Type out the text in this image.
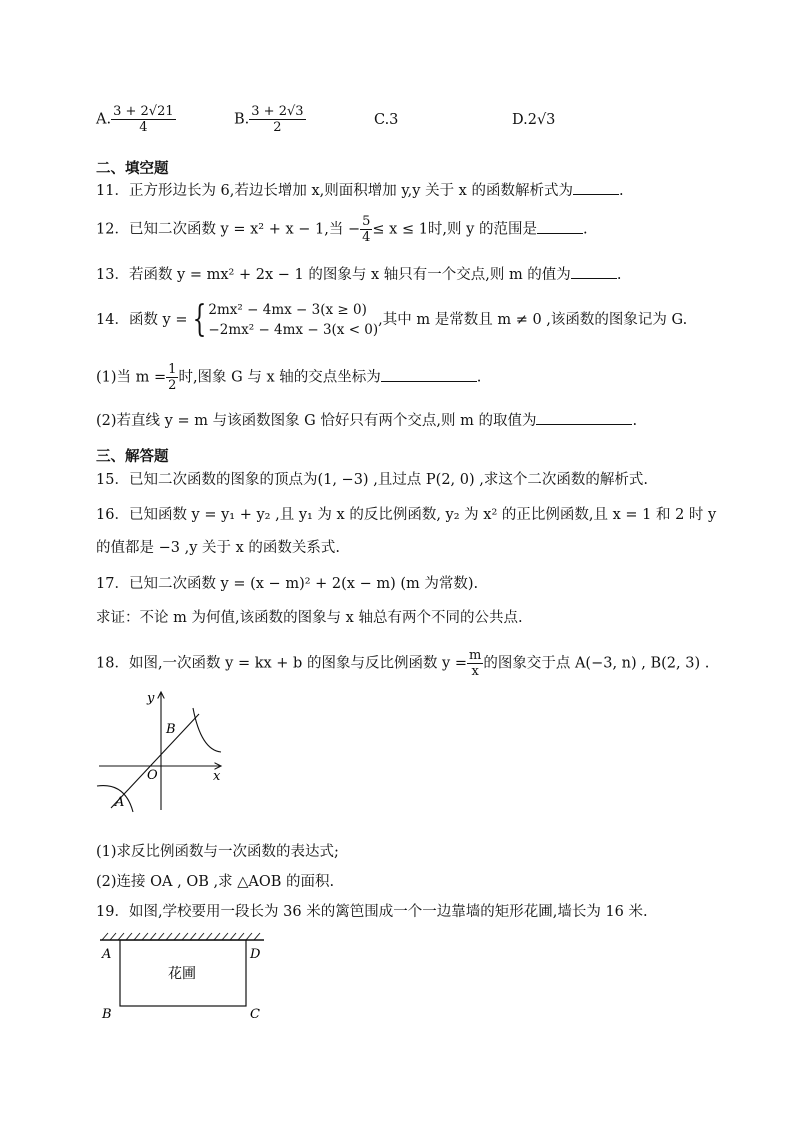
A. $\frac{3 + 2√21}{4}$	B. $\frac{3 + 2√3}{2}$	C.3	D.2√3
二、填空题
11．正方形边长为 6,若边长增加 x,则面积增加 y,y 关于 x 的函数解析式为	.
12．已知二次函数 y = x² + x − 1,当 − $\frac{5}{4} \le x \le 1$时,则 y 的范围是	.
13．若函数 y = mx² + 2x − 1 的图象与 x 轴只有一个交点,则 m 的值为	.
14．函数 y = { 2mx² − 4mx − 3(x ≥ 0)
−2mx² − 4mx − 3(x < 0)
,其中 m 是常数且 m ≠ 0 ,该函数的图象记为 G.
(1)当 $m = \frac{1}{2}$ 时,图象 G 与 x 轴的交点坐标为	.
(2)若直线 y = m 与该函数图象 G 恰好只有两个交点,则 m 的取值为	.
三、解答题
15．已知二次函数的图象的顶点为(1, −3) ,且过点 P(2, 0) ,求这个二次函数的解析式.
16．已知函数 y = y₁ + y₂ ,且 y₁ 为 x 的反比例函数, y₂ 为 x² 的正比例函数,且 x = 1 和 2 时 y
的值都是 −3 ,y 关于 x 的函数关系式.
17．已知二次函数 y = (x − m)² + 2(x − m) (m 为常数).
求证：不论 m 为何值,该函数的图象与 x 轴总有两个不同的公共点.
18．如图,一次函数 y = kx + b 的图象与反比例函数 $y = \frac{m}{x}$ 的图象交于点 A(−3, n) , B(2, 3) .
y
x
O
A
B
(1)求反比例函数与一次函数的表达式;
(2)连接 OA , OB ,求 △AOB 的面积.
19．如图,学校要用一段长为 36 米的篱笆围成一个一边靠墙的矩形花圃,墙长为 16 米.
A	D
B	C
花圃
